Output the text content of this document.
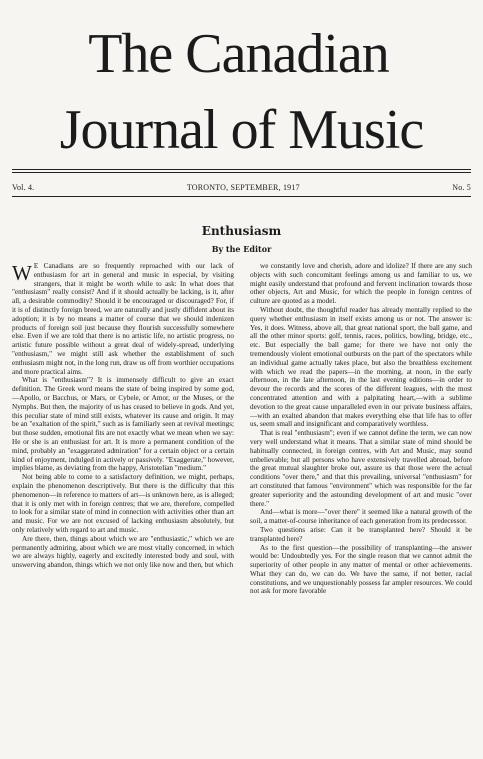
The Canadian
Journal of Music
Vol. 4.	TORONTO, SEPTEMBER, 1917	No. 5
Enthusiasm
By the Editor

W E Canadians are so frequently reproached with our lack of enthusiasm for art in general and music in especial, by visiting strangers, that it might be worth while to ask: In what does that "enthusiasm" really consist? And if it should actually be lacking, is it, after all, a desirable commodity? Should it be encouraged or discouraged? For, if it is of distinctly foreign breed, we are naturally and justly diffident about its adoption; it is by no means a matter of course that we should indenizen products of foreign soil just because they flourish successfully somewhere else. Even if we are told that there is no artistic life, no artistic progress, no artistic future possible without a great deal of widely-spread, underlying "enthusiasm," we might still ask whether the establishment of such enthusiasm might not, in the long run, draw us off from worthier occupations and more practical aims.

What is "enthusiasm"? It is immensely difficult to give an exact definition. The Greek word means the state of being inspired by some god,—Apollo, or Bacchus, or Mars, or Cybele, or Amor, or the Muses, or the Nymphs. But then, the majority of us has ceased to believe in gods. And yet, this peculiar state of mind still exists, whatever its cause and origin. It may be an "exaltation of the spirit," such as is familiarly seen at revival meetings; but those sudden, emotional fits are not exactly what we mean when we say: He or she is an enthusiast for art. It is more a permanent condition of the mind, probably an "exaggerated admiration" for a certain object or a certain kind of enjoyment, indulged in actively or passively. "Exaggerate," however, implies blame, as deviating from the happy, Aristotelian "medium."

Not being able to come to a satisfactory definition, we might, perhaps, explain the phenomenon descriptively. But there is the difficulty that this phenomenon—in reference to matters of art—is unknown here, as is alleged; that it is only met with in foreign centres; that we are, therefore, compelled to look for a similar state of mind in connection with activities other than art and music. For we are not excused of lacking enthusiasm absolutely, but only relatively with regard to art and music.

Are there, then, things about which we are "enthusiastic," which we are permanently admiring, about which we are most vitally concerned, in which we are always highly, eagerly and excitedly interested body and soul, with unswerving abandon, things which we not only like now and then, but which

we constantly love and cherish, adore and idolize? If there are any such objects with such concomitant feelings among us and familiar to us, we might easily understand that profound and fervent inclination towards those other objects, Art and Music, for which the people in foreign centres of culture are quoted as a model.

Without doubt, the thoughtful reader has already mentally replied to the query whether enthusiasm in itself exists among us or not. The answer is: Yes, it does. Witness, above all, that great national sport, the ball game, and all the other minor sports: golf, tennis, races, politics, bowling, bridge, etc., etc. But especially the ball game; for there we have not only the tremendously violent emotional outbursts on the part of the spectators while an individual game actually takes place, but also the breathless excitement with which we read the papers—in the morning, at noon, in the early afternoon, in the late afternoon, in the last evening editions—in order to devour the records and the scores of the different leagues, with the most concentrated attention and with a palpitating heart,—with a sublime devotion to the great cause unparalleled even in our private business affairs,—with an exalted abandon that makes everything else that life has to offer us, seem small and insignificant and comparatively worthless.

That is real "enthusiasm"; even if we cannot define the term, we can now very well understand what it means. That a similar state of mind should be habitually connected, in foreign centres, with Art and Music, may sound unbelievable; but all persons who have extensively travelled abroad, before the great mutual slaughter broke out, assure us that those were the actual conditions "over there," and that this prevailing, universal "enthusiasm" for art constituted that famous "environment" which was responsible for the far greater superiority and the astounding development of art and music "over there."

And—what is more—"over there" it seemed like a natural growth of the soil, a matter-of-course inheritance of each generation from its predecessor.

Two questions arise: Can it be transplanted here? Should it be transplanted here?

As to the first question—the possibility of transplanting—the answer would be: Undoubtedly yes. For the single reason that we cannot admit the superiority of other people in any matter of mental or other achievements. What they can do, we can do. We have the same, if not better, racial constitutions, and we unquestionably possess far ampler resources. We could not ask for more favorable
